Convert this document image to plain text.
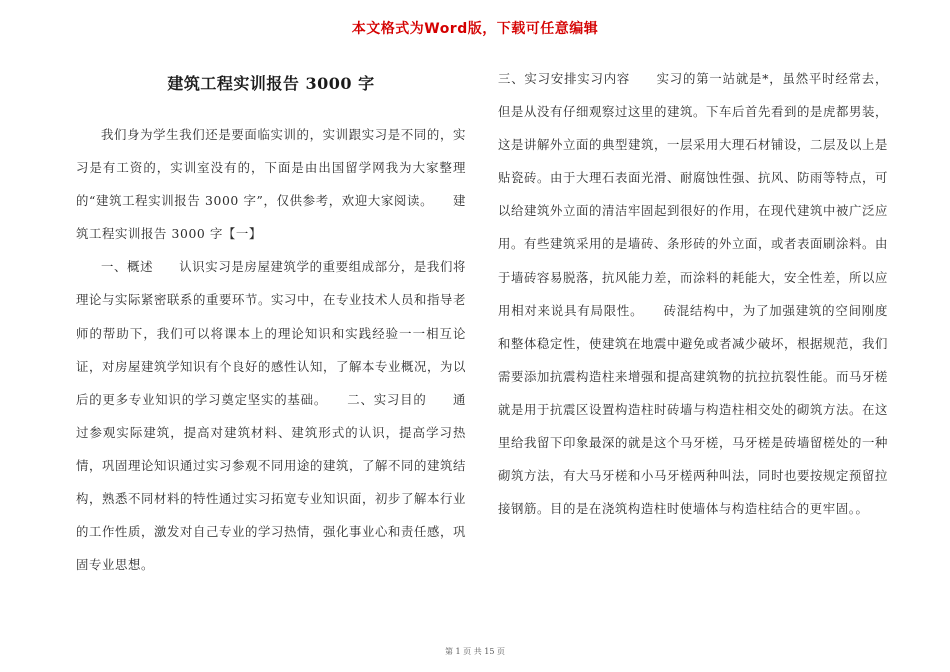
本文格式为Word版，下载可任意编辑
建筑工程实训报告 3000 字

我们身为学生我们还是要面临实训的，实训跟实习是不同的，实习是有工资的，实训室没有的，下面是由出国留学网我为大家整理的“建筑工程实训报告 3000 字”，仅供参考，欢迎大家阅读。　　建筑工程实训报告 3000 字【一】

一、概述　　认识实习是房屋建筑学的重要组成部分，是我们将理论与实际紧密联系的重要环节。实习中，在专业技术人员和指导老师的帮助下，我们可以将课本上的理论知识和实践经验一一相互论证，对房屋建筑学知识有个良好的感性认知，了解本专业概况，为以后的更多专业知识的学习奠定坚实的基础。　　二、实习目的　　通过参观实际建筑，提高对建筑材料、建筑形式的认识，提高学习热情，巩固理论知识通过实习参观不同用途的建筑，了解不同的建筑结构，熟悉不同材料的特性通过实习拓宽专业知识面，初步了解本行业的工作性质，激发对自己专业的学习热情，强化事业心和责任感，巩固专业思想。

三、实习安排实习内容　　实习的第一站就是*，虽然平时经常去，但是从没有仔细观察过这里的建筑。下车后首先看到的是虎都男装，这是讲解外立面的典型建筑，一层采用大理石材铺设，二层及以上是贴瓷砖。由于大理石表面光滑、耐腐蚀性强、抗风、防雨等特点，可以给建筑外立面的清洁牢固起到很好的作用，在现代建筑中被广泛应用。有些建筑采用的是墙砖、条形砖的外立面，或者表面刷涂料。由于墙砖容易脱落，抗风能力差，而涂料的耗能大，安全性差，所以应用相对来说具有局限性。　　砖混结构中，为了加强建筑的空间刚度和整体稳定性，使建筑在地震中避免或者减少破坏，根据规范，我们需要添加抗震构造柱来增强和提高建筑物的抗拉抗裂性能。而马牙槎就是用于抗震区设置构造柱时砖墙与构造柱相交处的砌筑方法。在这里给我留下印象最深的就是这个马牙槎，马牙槎是砖墙留槎处的一种砌筑方法，有大马牙槎和小马牙槎两种叫法，同时也要按规定预留拉接钢筋。目的是在浇筑构造柱时使墙体与构造柱结合的更牢固。。

第 1 页 共 15 页
